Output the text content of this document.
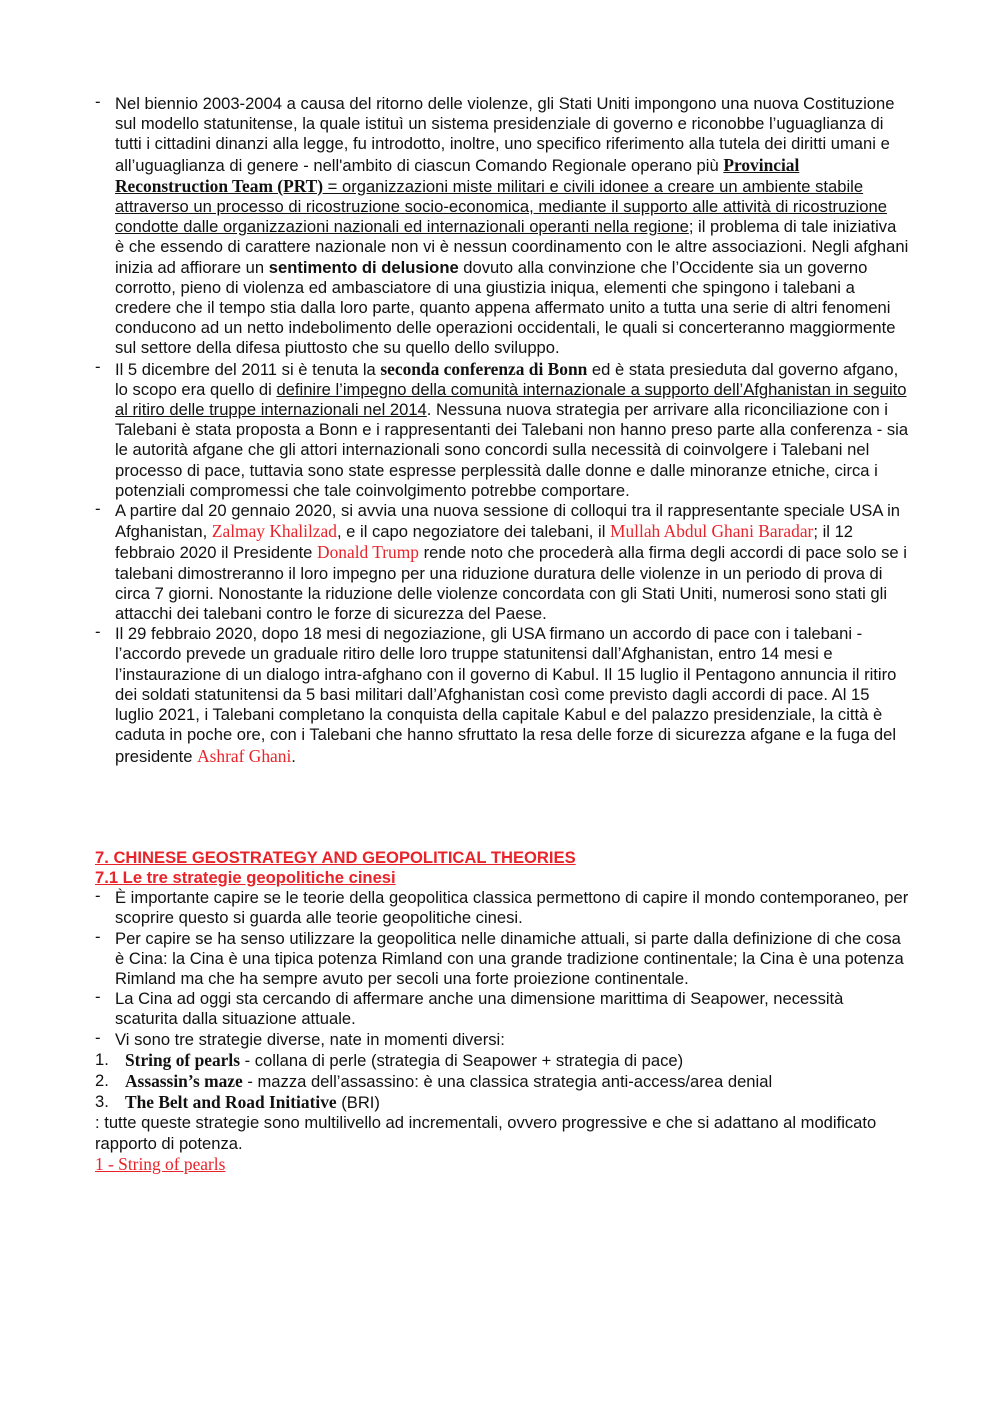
- Nel biennio 2003-2004 a causa del ritorno delle violenze, gli Stati Uniti impongono una nuova Costituzione sul modello statunitense, la quale istituì un sistema presidenziale di governo e riconobbe l’uguaglianza di tutti i cittadini dinanzi alla legge, fu introdotto, inoltre, uno specifico riferimento alla tutela dei diritti umani e all’uguaglianza di genere - nell'ambito di ciascun Comando Regionale operano più Provincial Reconstruction Team (PRT) = organizzazioni miste militari e civili idonee a creare un ambiente stabile attraverso un processo di ricostruzione socio-economica, mediante il supporto alle attività di ricostruzione condotte dalle organizzazioni nazionali ed internazionali operanti nella regione; il problema di tale iniziativa è che essendo di carattere nazionale non vi è nessun coordinamento con le altre associazioni. Negli afghani inizia ad affiorare un sentimento di delusione dovuto alla convinzione che l’Occidente sia un governo corrotto, pieno di violenza ed ambasciatore di una giustizia iniqua, elementi che spingono i talebani a credere che il tempo stia dalla loro parte, quanto appena affermato unito a tutta una serie di altri fenomeni conducono ad un netto indebolimento delle operazioni occidentali, le quali si concerteranno maggiormente sul settore della difesa piuttosto che su quello dello sviluppo.
- Il 5 dicembre del 2011 si è tenuta la seconda conferenza di Bonn ed è stata presieduta dal governo afgano, lo scopo era quello di definire l’impegno della comunità internazionale a supporto dell’Afghanistan in seguito al ritiro delle truppe internazionali nel 2014. Nessuna nuova strategia per arrivare alla riconciliazione con i Talebani è stata proposta a Bonn e i rappresentanti dei Talebani non hanno preso parte alla conferenza - sia le autorità afgane che gli attori internazionali sono concordi sulla necessità di coinvolgere i Talebani nel processo di pace, tuttavia sono state espresse perplessità dalle donne e dalle minoranze etniche, circa i potenziali compromessi che tale coinvolgimento potrebbe comportare.
- A partire dal 20 gennaio 2020, si avvia una nuova sessione di colloqui tra il rappresentante speciale USA in Afghanistan, Zalmay Khalilzad, e il capo negoziatore dei talebani, il Mullah Abdul Ghani Baradar; il 12 febbraio 2020 il Presidente Donald Trump rende noto che procederà alla firma degli accordi di pace solo se i talebani dimostreranno il loro impegno per una riduzione duratura delle violenze in un periodo di prova di circa 7 giorni. Nonostante la riduzione delle violenze concordata con gli Stati Uniti, numerosi sono stati gli attacchi dei talebani contro le forze di sicurezza del Paese.
- Il 29 febbraio 2020, dopo 18 mesi di negoziazione, gli USA firmano un accordo di pace con i talebani - l’accordo prevede un graduale ritiro delle loro truppe statunitensi dall’Afghanistan, entro 14 mesi e l’instaurazione di un dialogo intra-afghano con il governo di Kabul. Il 15 luglio il Pentagono annuncia il ritiro dei soldati statunitensi da 5 basi militari dall’Afghanistan così come previsto dagli accordi di pace. Al 15 luglio 2021, i Talebani completano la conquista della capitale Kabul e del palazzo presidenziale, la città è caduta in poche ore, con i Talebani che hanno sfruttato la resa delle forze di sicurezza afgane e la fuga del presidente Ashraf Ghani.
7. CHINESE GEOSTRATEGY AND GEOPOLITICAL THEORIES
7.1 Le tre strategie geopolitiche cinesi
- È importante capire se le teorie della geopolitica classica permettono di capire il mondo contemporaneo, per scoprire questo si guarda alle teorie geopolitiche cinesi.
- Per capire se ha senso utilizzare la geopolitica nelle dinamiche attuali, si parte dalla definizione di che cosa è Cina: la Cina è una tipica potenza Rimland con una grande tradizione continentale; la Cina è una potenza Rimland ma che ha sempre avuto per secoli una forte proiezione continentale.
- La Cina ad oggi sta cercando di affermare anche una dimensione marittima di Seapower, necessità scaturita dalla situazione attuale.
- Vi sono tre strategie diverse, nate in momenti diversi:
1. String of pearls - collana di perle (strategia di Seapower + strategia di pace)
2. Assassin’s maze - mazza dell’assassino: è una classica strategia anti-access/area denial
3. The Belt and Road Initiative (BRI)
: tutte queste strategie sono multilivello ad incrementali, ovvero progressive e che si adattano al modificato rapporto di potenza.
1 - String of pearls
